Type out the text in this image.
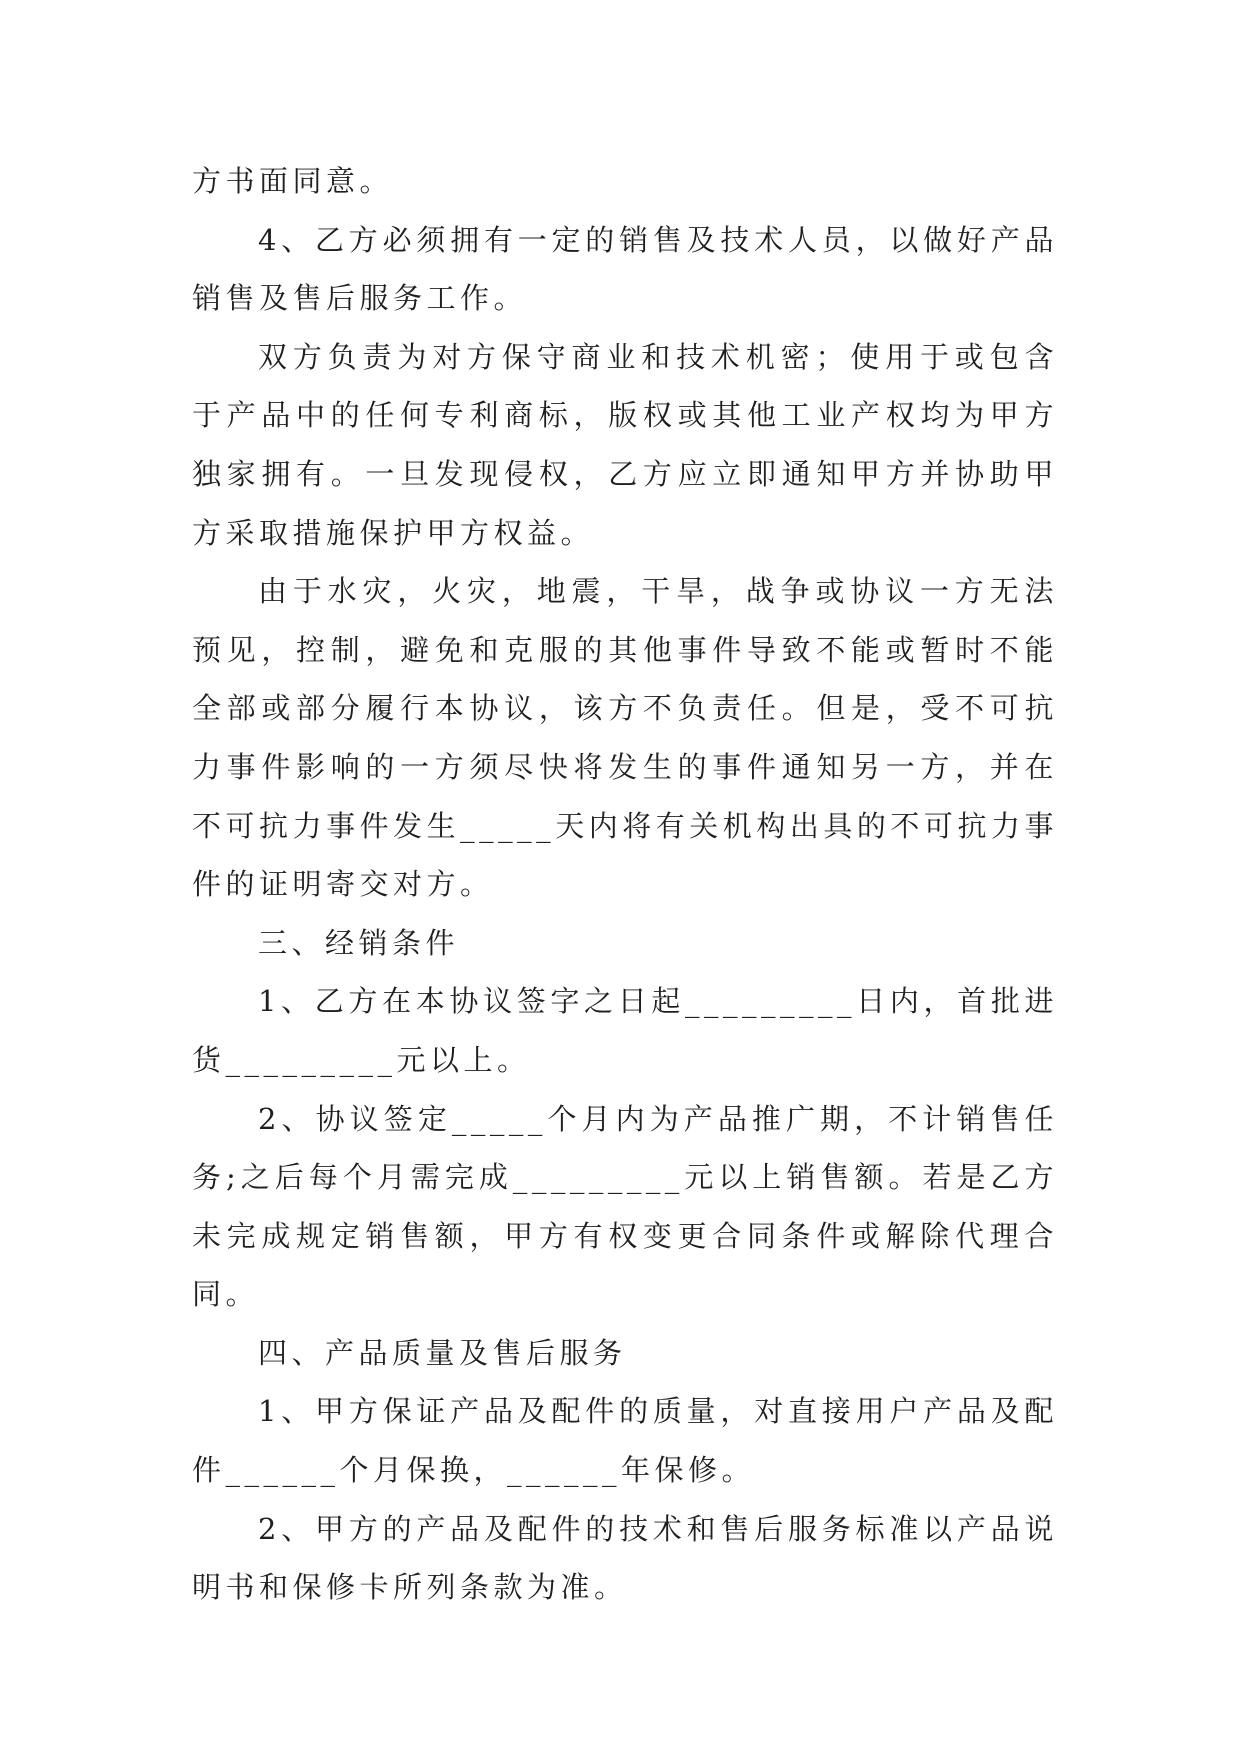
方书面同意。

4、乙方必须拥有一定的销售及技术人员，以做好产品销售及售后服务工作。

双方负责为对方保守商业和技术机密；使用于或包含于产品中的任何专利商标，版权或其他工业产权均为甲方独家拥有。一旦发现侵权，乙方应立即通知甲方并协助甲方采取措施保护甲方权益。

由于水灾，火灾，地震，干旱，战争或协议一方无法预见，控制，避免和克服的其他事件导致不能或暂时不能全部或部分履行本协议，该方不负责任。但是，受不可抗力事件影响的一方须尽快将发生的事件通知另一方，并在不可抗力事件发生_____天内将有关机构出具的不可抗力事件的证明寄交对方。

三、经销条件

1、乙方在本协议签字之日起_________日内，首批进货_________元以上。

2、协议签定_____个月内为产品推广期，不计销售任务;之后每个月需完成_________元以上销售额。若是乙方未完成规定销售额，甲方有权变更合同条件或解除代理合同。

四、产品质量及售后服务

1、甲方保证产品及配件的质量，对直接用户产品及配件______个月保换，______年保修。

2、甲方的产品及配件的技术和售后服务标准以产品说明书和保修卡所列条款为准。
